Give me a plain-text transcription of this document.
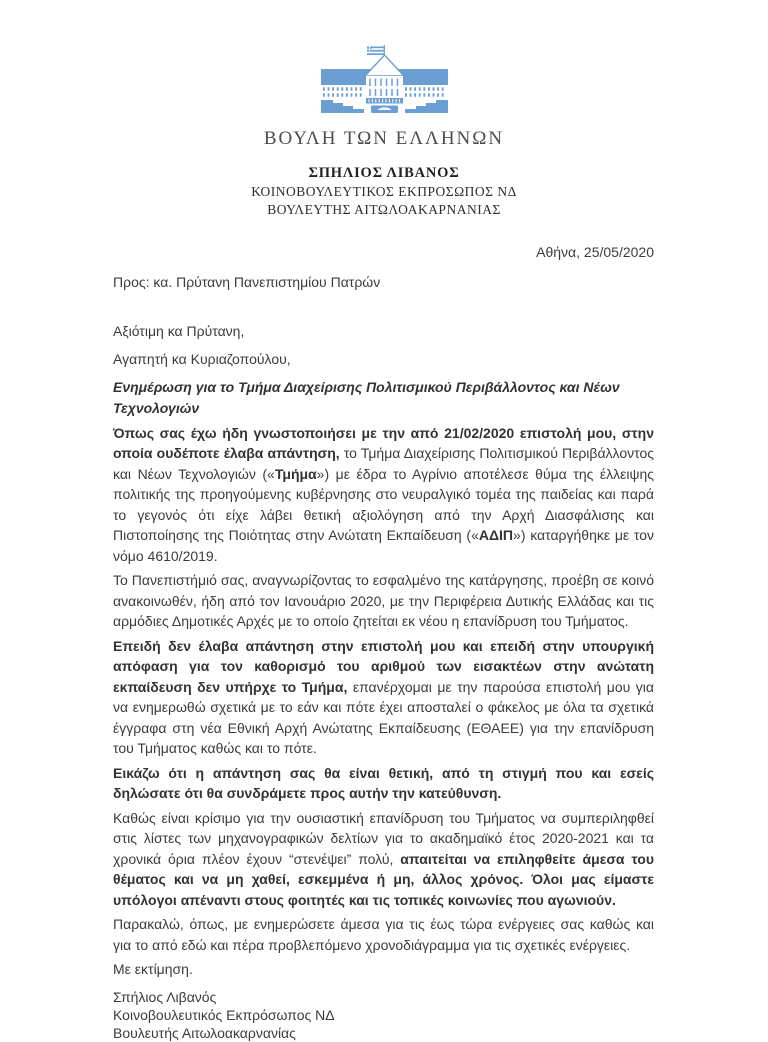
ΒΟΥΛΗ ΤΩΝ ΕΛΛΗΝΩΝ
ΣΠΗΛΙΟΣ ΛΙΒΑΝΟΣ
ΚΟΙΝΟΒΟΥΛΕΥΤΙΚΟΣ ΕΚΠΡΟΣΩΠΟΣ ΝΔ
ΒΟΥΛΕΥΤΗΣ ΑΙΤΩΛΟΑΚΑΡΝΑΝΙΑΣ
Αθήνα, 25/05/2020
Προς: κα. Πρύτανη Πανεπιστημίου Πατρών
Αξιότιμη κα Πρύτανη,
Αγαπητή κα Κυριαζοπούλου,
Ενημέρωση για το Τμήμα Διαχείρισης Πολιτισμικού Περιβάλλοντος και Νέων Τεχνολογιών

Όπως σας έχω ήδη γνωστοποιήσει με την από 21/02/2020 επιστολή μου, στην οποία ουδέποτε έλαβα απάντηση, το Τμήμα Διαχείρισης Πολιτισμικού Περιβάλλοντος και Νέων Τεχνολογιών («Τμήμα») με έδρα το Αγρίνιο αποτέλεσε θύμα της έλλειψης πολιτικής της προηγούμενης κυβέρνησης στο νευραλγικό τομέα της παιδείας και παρά το γεγονός ότι είχε λάβει θετική αξιολόγηση από την Αρχή Διασφάλισης και Πιστοποίησης της Ποιότητας στην Ανώτατη Εκπαίδευση («ΑΔΙΠ») καταργήθηκε με τον νόμο 4610/2019.

Το Πανεπιστήμιό σας, αναγνωρίζοντας το εσφαλμένο της κατάργησης, προέβη σε κοινό ανακοινωθέν, ήδη από τον Ιανουάριο 2020, με την Περιφέρεια Δυτικής Ελλάδας και τις αρμόδιες Δημοτικές Αρχές με το οποίο ζητείται εκ νέου η επανίδρυση του Τμήματος.

Επειδή δεν έλαβα απάντηση στην επιστολή μου και επειδή στην υπουργική απόφαση για τον καθορισμό του αριθμού των εισακτέων στην ανώτατη εκπαίδευση δεν υπήρχε το Τμήμα, επανέρχομαι με την παρούσα επιστολή μου για να ενημερωθώ σχετικά με το εάν και πότε έχει αποσταλεί ο φάκελος με όλα τα σχετικά έγγραφα στη νέα Εθνική Αρχή Ανώτατης Εκπαίδευσης (ΕΘΑΕΕ) για την επανίδρυση του Τμήματος καθώς και το πότε.

Εικάζω ότι η απάντηση σας θα είναι θετική, από τη στιγμή που και εσείς δηλώσατε ότι θα συνδράμετε προς αυτήν την κατεύθυνση.

Καθώς είναι κρίσιμο για την ουσιαστική επανίδρυση του Τμήματος να συμπεριληφθεί στις λίστες των μηχανογραφικών δελτίων για το ακαδημαϊκό έτος 2020-2021 και τα χρονικά όρια πλέον έχουν “στενέψει” πολύ, απαιτείται να επιληφθείτε άμεσα του θέματος και να μη χαθεί, εσκεμμένα ή μη, άλλος χρόνος. Όλοι μας είμαστε υπόλογοι απέναντι στους φοιτητές και τις τοπικές κοινωνίες που αγωνιούν.

Παρακαλώ, όπως, με ενημερώσετε άμεσα για τις έως τώρα ενέργειες σας καθώς και για το από εδώ και πέρα προβλεπόμενο χρονοδιάγραμμα για τις σχετικές ενέργειες.

Με εκτίμηση.
Σπήλιος Λιβανός
Κοινοβουλευτικός Εκπρόσωπος ΝΔ
Βουλευτής Αιτωλοακαρνανίας
